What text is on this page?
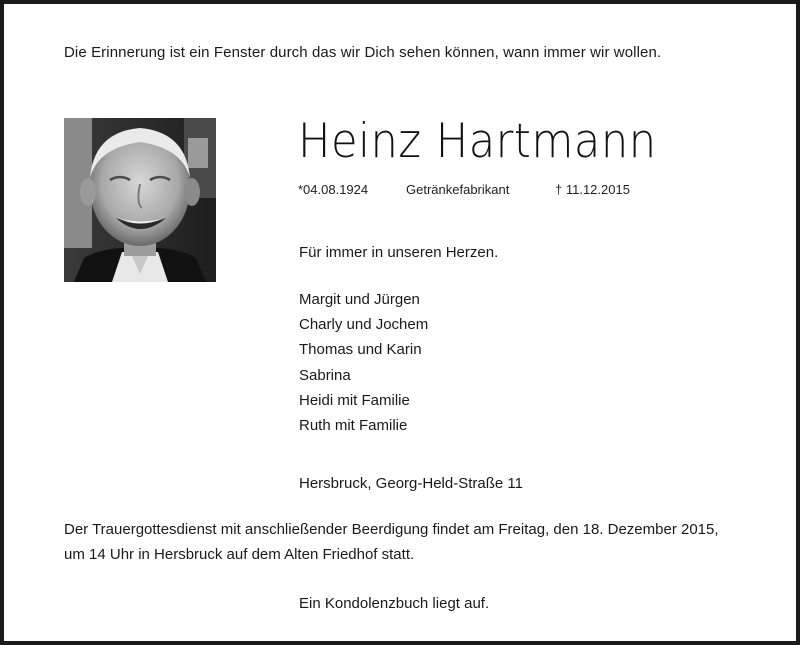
Die Erinnerung ist ein Fenster durch das wir Dich sehen können, wann immer wir wollen.
Heinz Hartmann
*04.08.1924	Getränkefabrikant	† 11.12.2015
Für immer in unseren Herzen.
Margit und Jürgen
Charly und Jochem
Thomas und Karin
Sabrina
Heidi mit Familie
Ruth mit Familie
Hersbruck, Georg-Held-Straße 11
Der Trauergottesdienst mit anschließender Beerdigung findet am Freitag, den 18. Dezember 2015,
um 14 Uhr in Hersbruck auf dem Alten Friedhof statt.
Ein Kondolenzbuch liegt auf.
